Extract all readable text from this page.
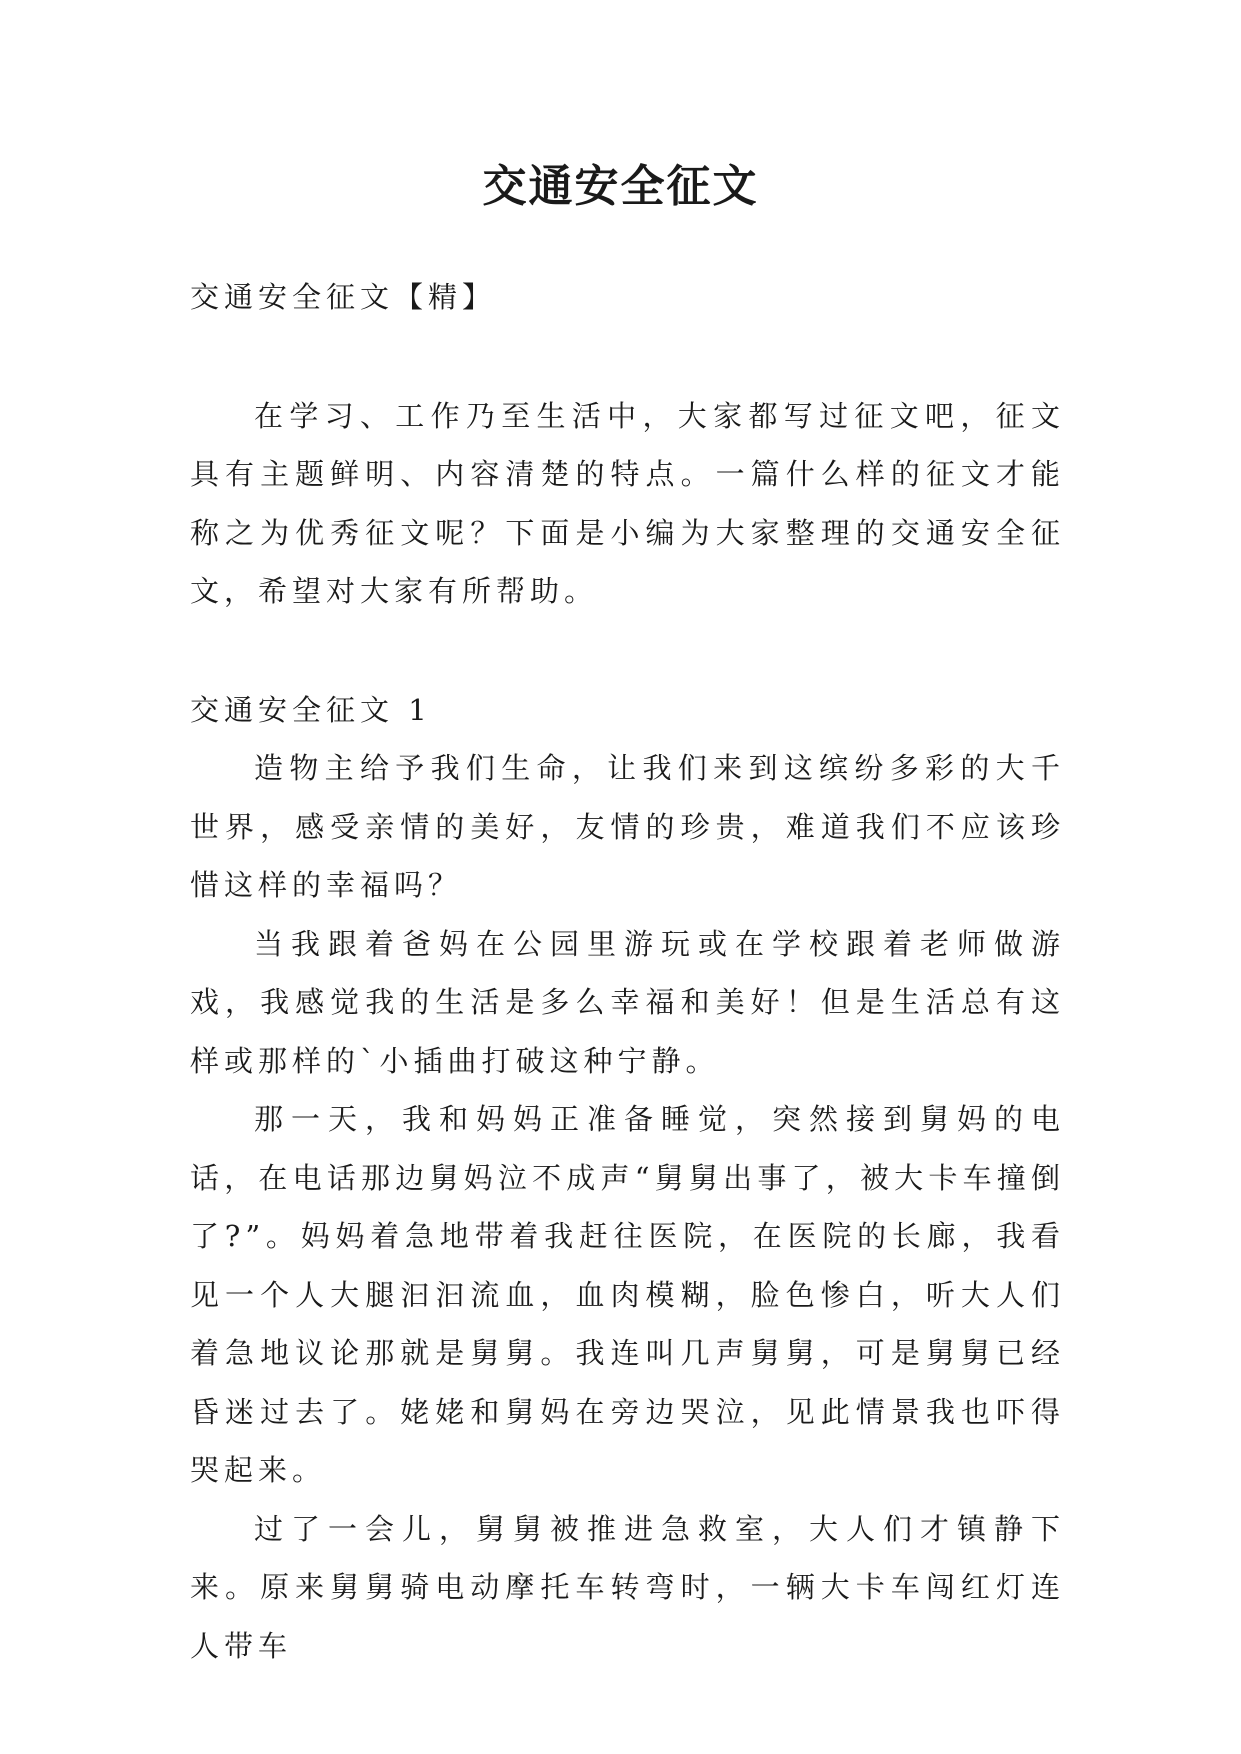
交通安全征文

交通安全征文【精】

在学习、工作乃至生活中，大家都写过征文吧，征文具有主题鲜明、内容清楚的特点。一篇什么样的征文才能称之为优秀征文呢？下面是小编为大家整理的交通安全征文，希望对大家有所帮助。

交通安全征文 1

造物主给予我们生命，让我们来到这缤纷多彩的大千世界，感受亲情的美好，友情的珍贵，难道我们不应该珍惜这样的幸福吗？

当我跟着爸妈在公园里游玩或在学校跟着老师做游戏，我感觉我的生活是多么幸福和美好！但是生活总有这样或那样的`小插曲打破这种宁静。

那一天，我和妈妈正准备睡觉，突然接到舅妈的电话，在电话那边舅妈泣不成声“舅舅出事了，被大卡车撞倒了?”。妈妈着急地带着我赶往医院，在医院的长廊，我看见一个人大腿汩汩流血，血肉模糊，脸色惨白，听大人们着急地议论那就是舅舅。我连叫几声舅舅，可是舅舅已经昏迷过去了。姥姥和舅妈在旁边哭泣，见此情景我也吓得哭起来。

过了一会儿，舅舅被推进急救室，大人们才镇静下来。原来舅舅骑电动摩托车转弯时，一辆大卡车闯红灯连人带车
